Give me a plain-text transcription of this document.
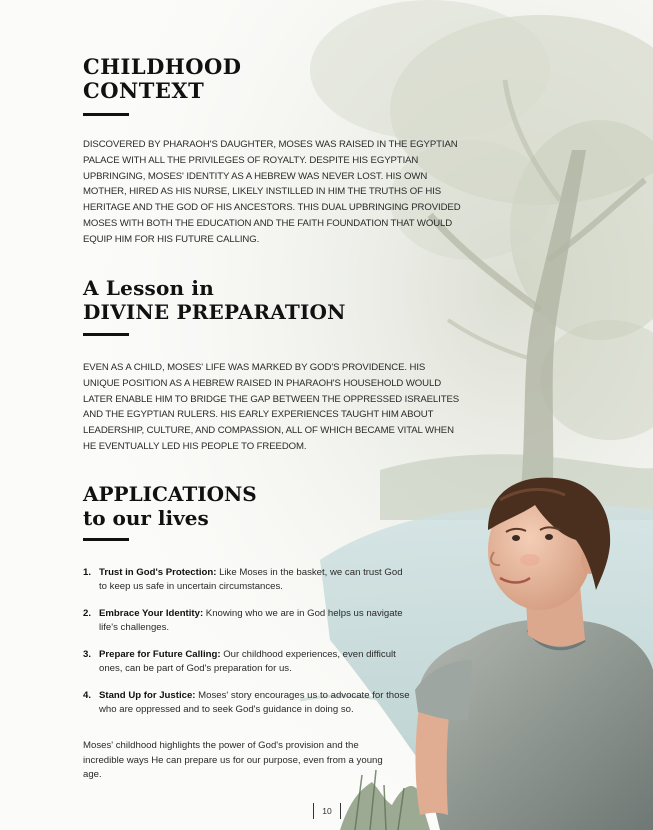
CHILDHOOD
CONTEXT

DISCOVERED BY PHARAOH'S DAUGHTER, MOSES WAS RAISED IN THE EGYPTIAN PALACE WITH ALL THE PRIVILEGES OF ROYALTY. DESPITE HIS EGYPTIAN UPBRINGING, MOSES' IDENTITY AS A HEBREW WAS NEVER LOST. HIS OWN MOTHER, HIRED AS HIS NURSE, LIKELY INSTILLED IN HIM THE TRUTHS OF HIS HERITAGE AND THE GOD OF HIS ANCESTORS. THIS DUAL UPBRINGING PROVIDED MOSES WITH BOTH THE EDUCATION AND THE FAITH FOUNDATION THAT WOULD EQUIP HIM FOR HIS FUTURE CALLING.

A Lesson in
DIVINE PREPARATION

EVEN AS A CHILD, MOSES' LIFE WAS MARKED BY GOD'S PROVIDENCE. HIS UNIQUE POSITION AS A HEBREW RAISED IN PHARAOH'S HOUSEHOLD WOULD LATER ENABLE HIM TO BRIDGE THE GAP BETWEEN THE OPPRESSED ISRAELITES AND THE EGYPTIAN RULERS. HIS EARLY EXPERIENCES TAUGHT HIM ABOUT LEADERSHIP, CULTURE, AND COMPASSION, ALL OF WHICH BECAME VITAL WHEN HE EVENTUALLY LED HIS PEOPLE TO FREEDOM.

APPLICATIONS
to our lives
1. Trust in God's Protection: Like Moses in the basket, we can trust God to keep us safe in uncertain circumstances.
2. Embrace Your Identity: Knowing who we are in God helps us navigate life's challenges.
3. Prepare for Future Calling: Our childhood experiences, even difficult ones, can be part of God's preparation for us.
4. Stand Up for Justice: Moses' story encourages us to advocate for those who are oppressed and to seek God's guidance in doing so.

Moses' childhood highlights the power of God's provision and the incredible ways He can prepare us for our purpose, even from a young age.

10
